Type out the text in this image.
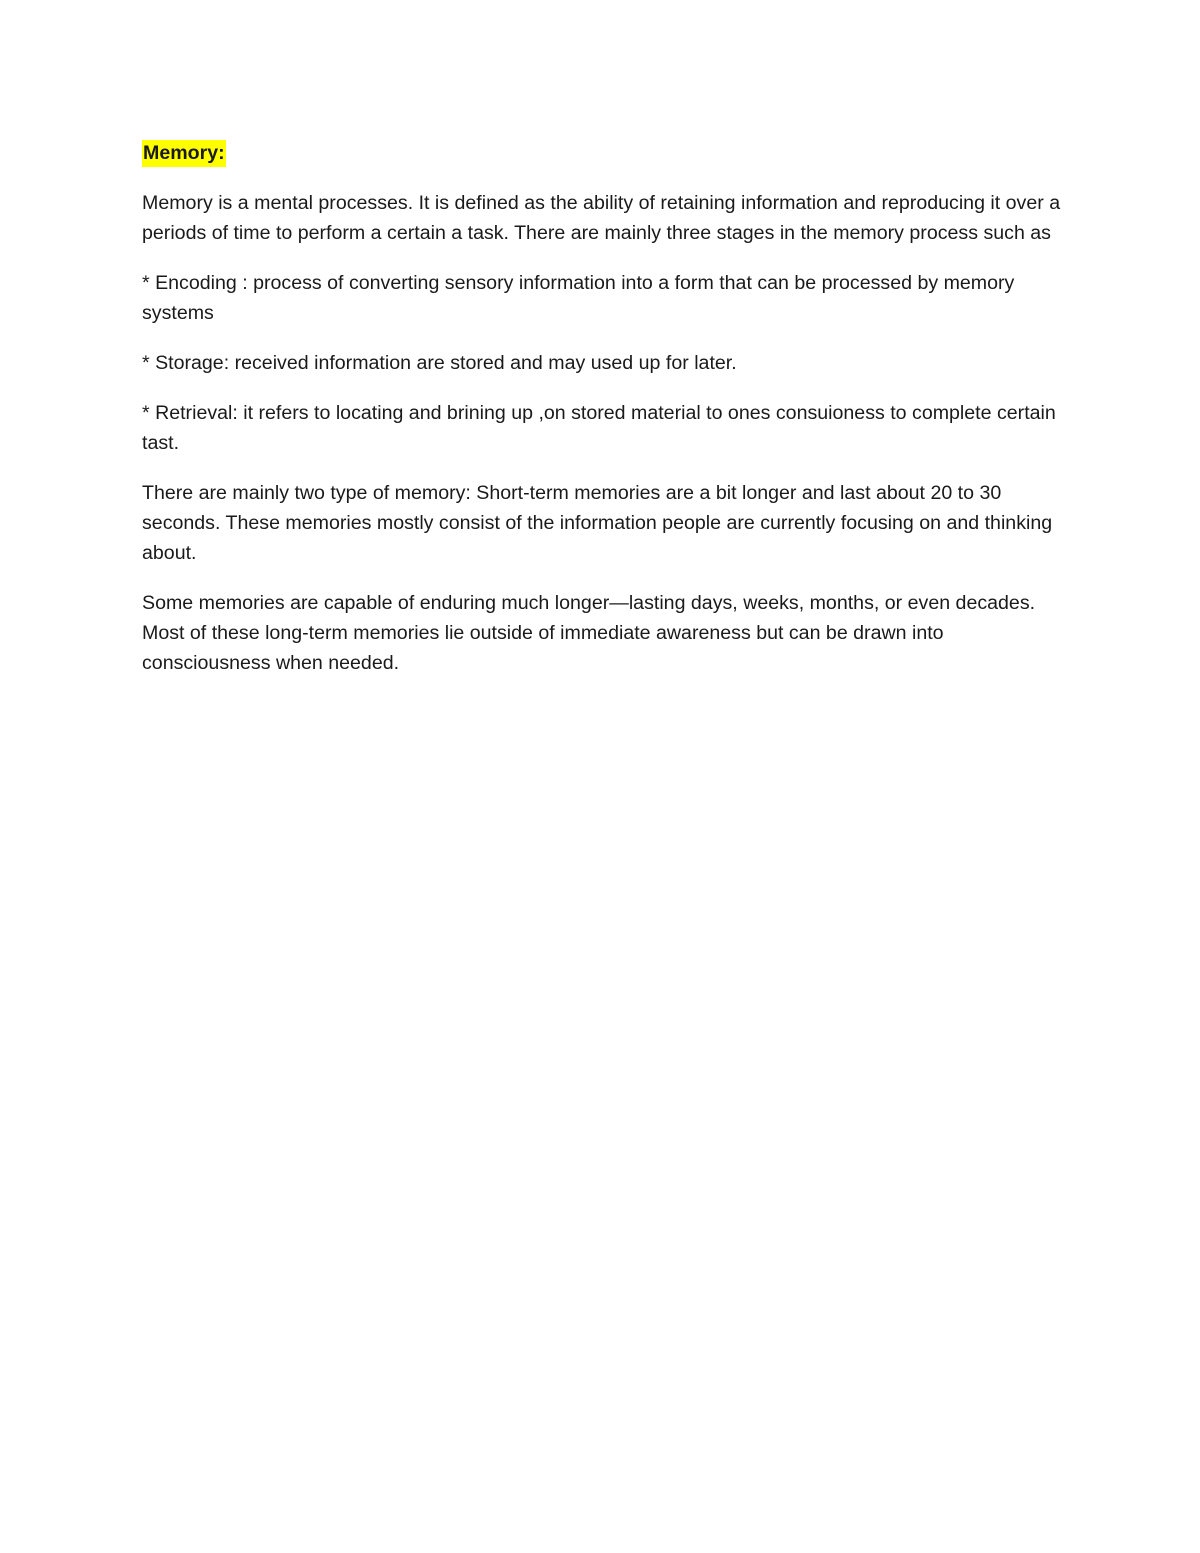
Memory:

Memory is a mental processes. It is defined as the ability of retaining information and reproducing it over a periods of time to perform a certain a task. There are mainly three stages in the memory process such as

* Encoding : process of converting sensory information into a form that can be processed by memory systems

* Storage: received information are stored and may used up for later.

* Retrieval: it refers to locating and brining up ,on stored material to ones consuioness to complete certain tast.

There are mainly two type of memory: Short-term memories are a bit longer and last about 20 to 30 seconds. These memories mostly consist of the information people are currently focusing on and thinking about.

Some memories are capable of enduring much longer—lasting days, weeks, months, or even decades. Most of these long-term memories lie outside of immediate awareness but can be drawn into consciousness when needed.
